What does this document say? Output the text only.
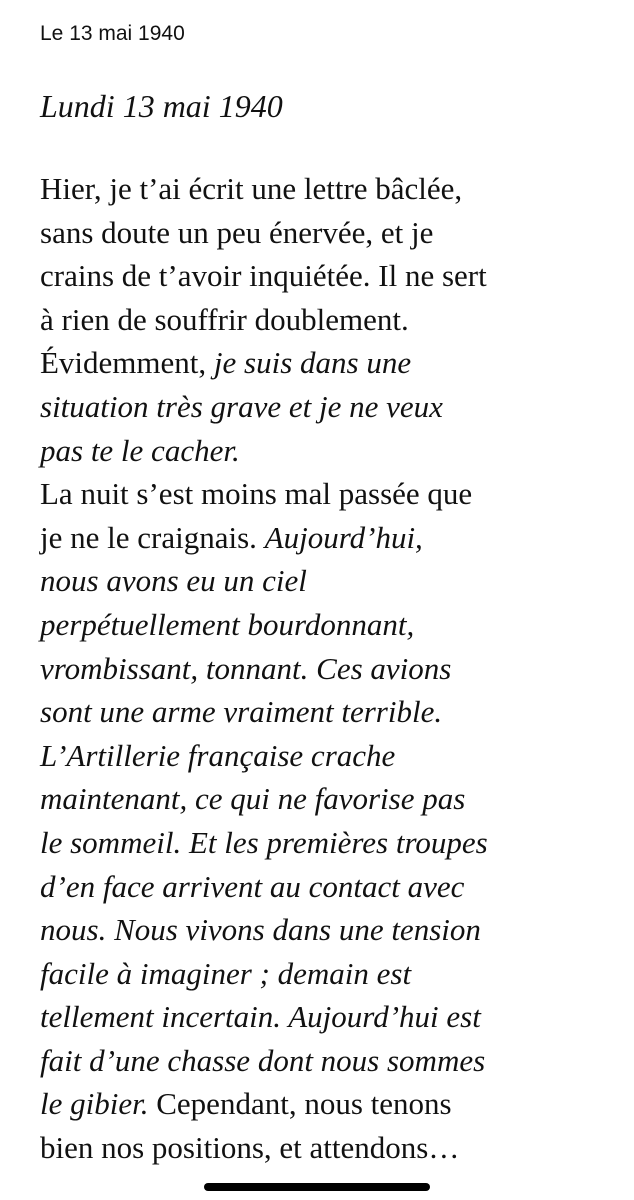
Le 13 mai 1940
Lundi 13 mai 1940
Hier, je t’ai écrit une lettre bâclée,
sans doute un peu énervée, et je
crains de t’avoir inquiétée. Il ne sert
à rien de souffrir doublement.
Évidemment, je suis dans une
situation très grave et je ne veux
pas te le cacher.
La nuit s’est moins mal passée que
je ne le craignais. Aujourd’hui,
nous avons eu un ciel
perpétuellement bourdonnant,
vrombissant, tonnant. Ces avions
sont une arme vraiment terrible.
L’Artillerie française crache
maintenant, ce qui ne favorise pas
le sommeil. Et les premières troupes
d’en face arrivent au contact avec
nous. Nous vivons dans une tension
facile à imaginer ; demain est
tellement incertain. Aujourd’hui est
fait d’une chasse dont nous sommes
le gibier. Cependant, nous tenons
bien nos positions, et attendons…
